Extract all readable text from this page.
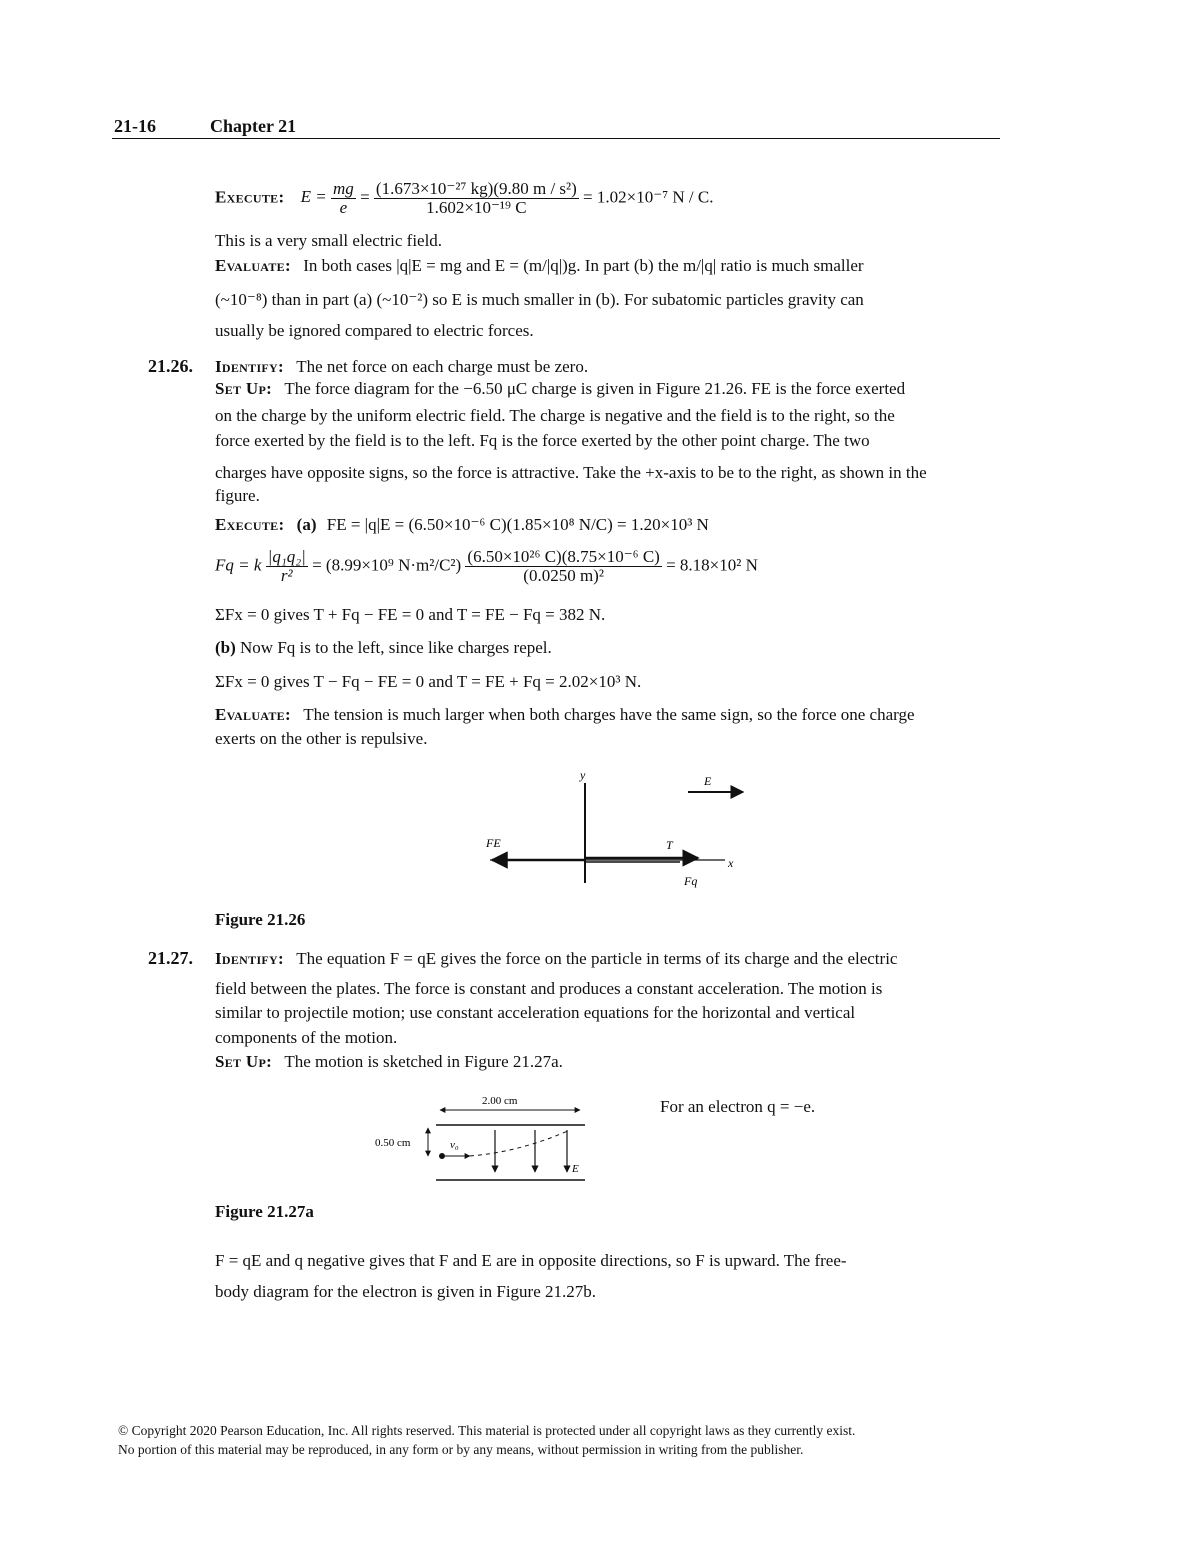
21-16	Chapter 21
Execute: $E = \frac{mg}{e} = \frac{\text{(1.673×10⁻²⁷ kg)(9.80 m / s²)}}{\text{1.602×10⁻¹⁹ C}} = 1.02\times 10^{-7}$ N / C.
This is a very small electric field.
Evaluate: In both cases |q|E = mg and E = (m/|q|)g. In part (b) the m/|q| ratio is much smaller
(~10⁻⁸) than in part (a) (~10⁻²) so E is much smaller in (b). For subatomic particles gravity can
usually be ignored compared to electric forces.
21.26. Identify: The net force on each charge must be zero.
Set Up: The force diagram for the −6.50 μC charge is given in Figure 21.26. FE is the force exerted
on the charge by the uniform electric field. The charge is negative and the field is to the right, so the
force exerted by the field is to the left. Fq is the force exerted by the other point charge. The two
charges have opposite signs, so the force is attractive. Take the +x-axis to be to the right, as shown in the
figure.
Execute: (a) FE = |q|E = (6.50×10⁻⁶ C)(1.85×10⁸ N/C) = 1.20×10³ N
Fq = k $\frac{\text{|q₁q₂|}}{\text{r²}} = (8.99\times 10^9$ $N\cdot m^2/C^2) \frac{\text{(6.50×10²⁶ C)(8.75×10⁻⁶ C)}}{\text{(0.0250 m)²}} = 8.18\times 10^2$ N
ΣFx = 0 gives T + Fq − FE = 0 and T = FE − Fq = 382 N.
(b) Now Fq is to the left, since like charges repel.
ΣFx = 0 gives T − Fq − FE = 0 and T = FE + Fq = 2.02×10³ N.
Evaluate: The tension is much larger when both charges have the same sign, so the force one charge
exerts on the other is repulsive.
y
x
E
FE	T
Fq
Figure 21.26
21.27. Identify: The equation F = qE gives the force on the particle in terms of its charge and the electric
field between the plates. The force is constant and produces a constant acceleration. The motion is
similar to projectile motion; use constant acceleration equations for the horizontal and vertical
components of the motion.
Set Up: The motion is sketched in Figure 21.27a.
2.00 cm
0.50 cm	v₀
E
For an electron q = −e.
Figure 21.27a
F = qE and q negative gives that F and E are in opposite directions, so F is upward. The free-
body diagram for the electron is given in Figure 21.27b.
© Copyright 2020 Pearson Education, Inc. All rights reserved. This material is protected under all copyright laws as they currently exist.
No portion of this material may be reproduced, in any form or by any means, without permission in writing from the publisher.
